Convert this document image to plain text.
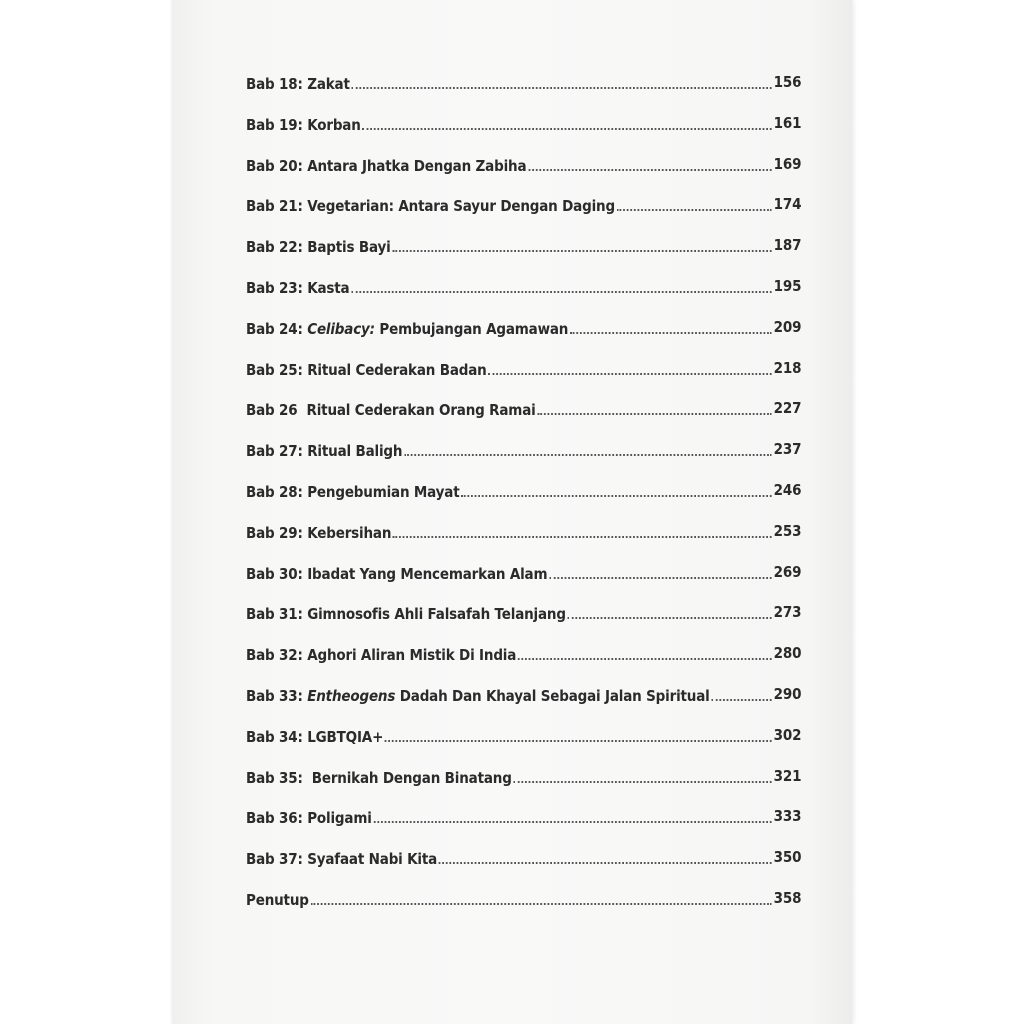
Bab 18: Zakat	156
Bab 19: Korban	161
Bab 20: Antara Jhatka Dengan Zabiha	169
Bab 21: Vegetarian: Antara Sayur Dengan Daging	174
Bab 22: Baptis Bayi	187
Bab 23: Kasta	195
Bab 24: Celibacy: Pembujangan Agamawan	209
Bab 25: Ritual Cederakan Badan	218
Bab 26  Ritual Cederakan Orang Ramai	227
Bab 27: Ritual Baligh	237
Bab 28: Pengebumian Mayat	246
Bab 29: Kebersihan	253
Bab 30: Ibadat Yang Mencemarkan Alam	269
Bab 31: Gimnosofis Ahli Falsafah Telanjang	273
Bab 32: Aghori Aliran Mistik Di India	280
Bab 33: Entheogens Dadah Dan Khayal Sebagai Jalan Spiritual	290
Bab 34: LGBTQIA+	302
Bab 35:  Bernikah Dengan Binatang	321
Bab 36: Poligami	333
Bab 37: Syafaat Nabi Kita	350
Penutup	358
